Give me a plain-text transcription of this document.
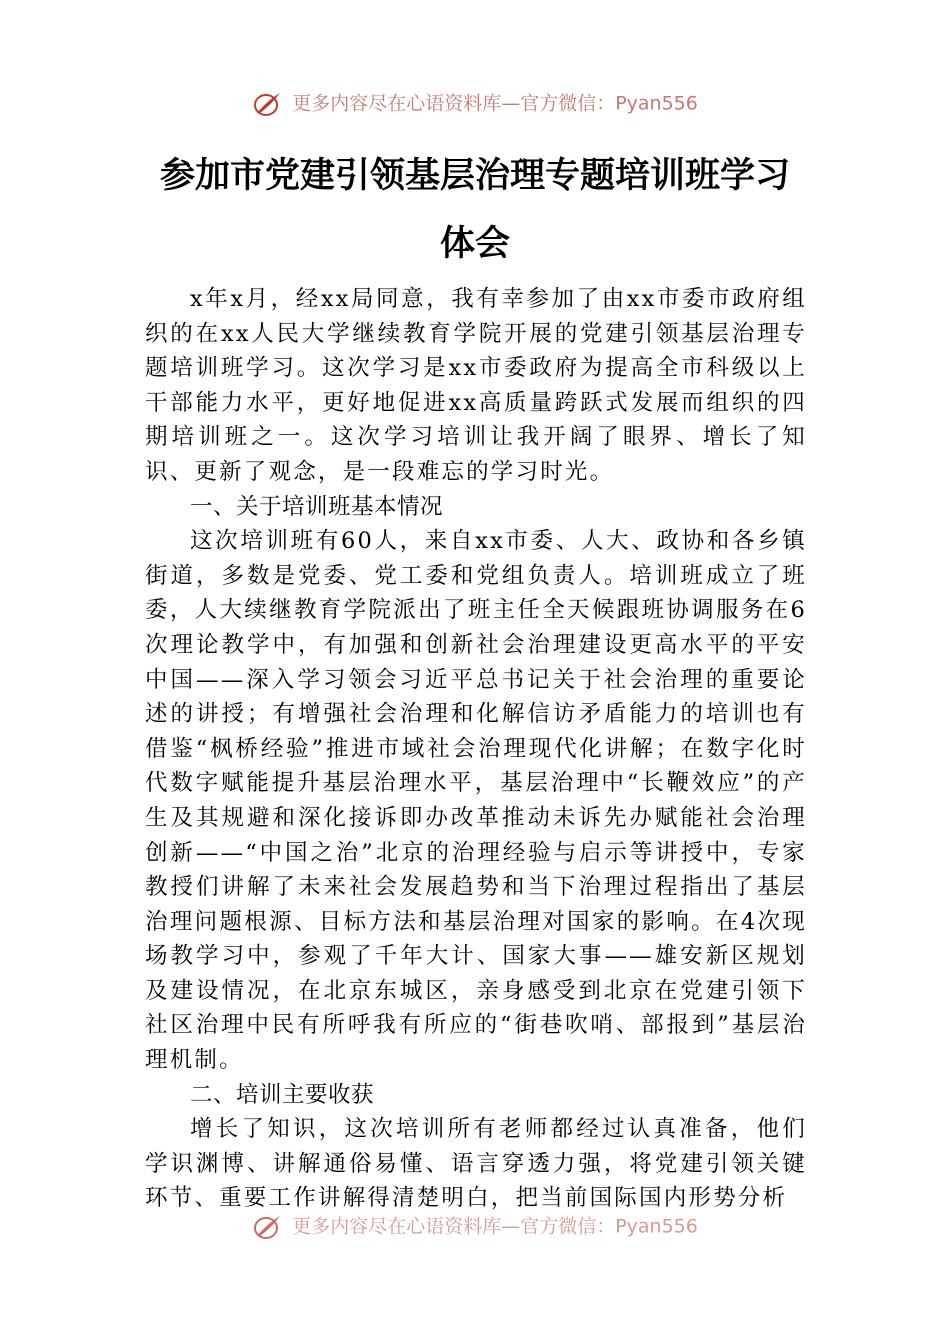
更多内容尽在心语资料库—官方微信：Pyan556
参加市党建引领基层治理专题培训班学习
体会

x年x月，经xx局同意，我有幸参加了由xx市委市政府组织的在xx人民大学继续教育学院开展的党建引领基层治理专题培训班学习。这次学习是xx市委政府为提高全市科级以上干部能力水平，更好地促进xx高质量跨跃式发展而组织的四期培训班之一。这次学习培训让我开阔了眼界、增长了知识、更新了观念，是一段难忘的学习时光。

一、关于培训班基本情况

这次培训班有60人，来自xx市委、人大、政协和各乡镇街道，多数是党委、党工委和党组负责人。培训班成立了班委，人大续继教育学院派出了班主任全天候跟班协调服务在6次理论教学中，有加强和创新社会治理建设更高水平的平安中国——深入学习领会习近平总书记关于社会治理的重要论述的讲授；有增强社会治理和化解信访矛盾能力的培训也有借鉴“枫桥经验”推进市域社会治理现代化讲解；在数字化时代数字赋能提升基层治理水平，基层治理中“长鞭效应”的产生及其规避和深化接诉即办改革推动未诉先办赋能社会治理创新——“中国之治”北京的治理经验与启示等讲授中，专家教授们讲解了未来社会发展趋势和当下治理过程指出了基层治理问题根源、目标方法和基层治理对国家的影响。在4次现场教学习中，参观了千年大计、国家大事——雄安新区规划及建设情况，在北京东城区，亲身感受到北京在党建引领下社区治理中民有所呼我有所应的“街巷吹哨、部报到”基层治理机制。

二、培训主要收获

增长了知识，这次培训所有老师都经过认真准备，他们学识渊博、讲解通俗易懂、语言穿透力强，将党建引领关键环节、重要工作讲解得清楚明白，把当前国际国内形势分析

更多内容尽在心语资料库—官方微信：Pyan556
